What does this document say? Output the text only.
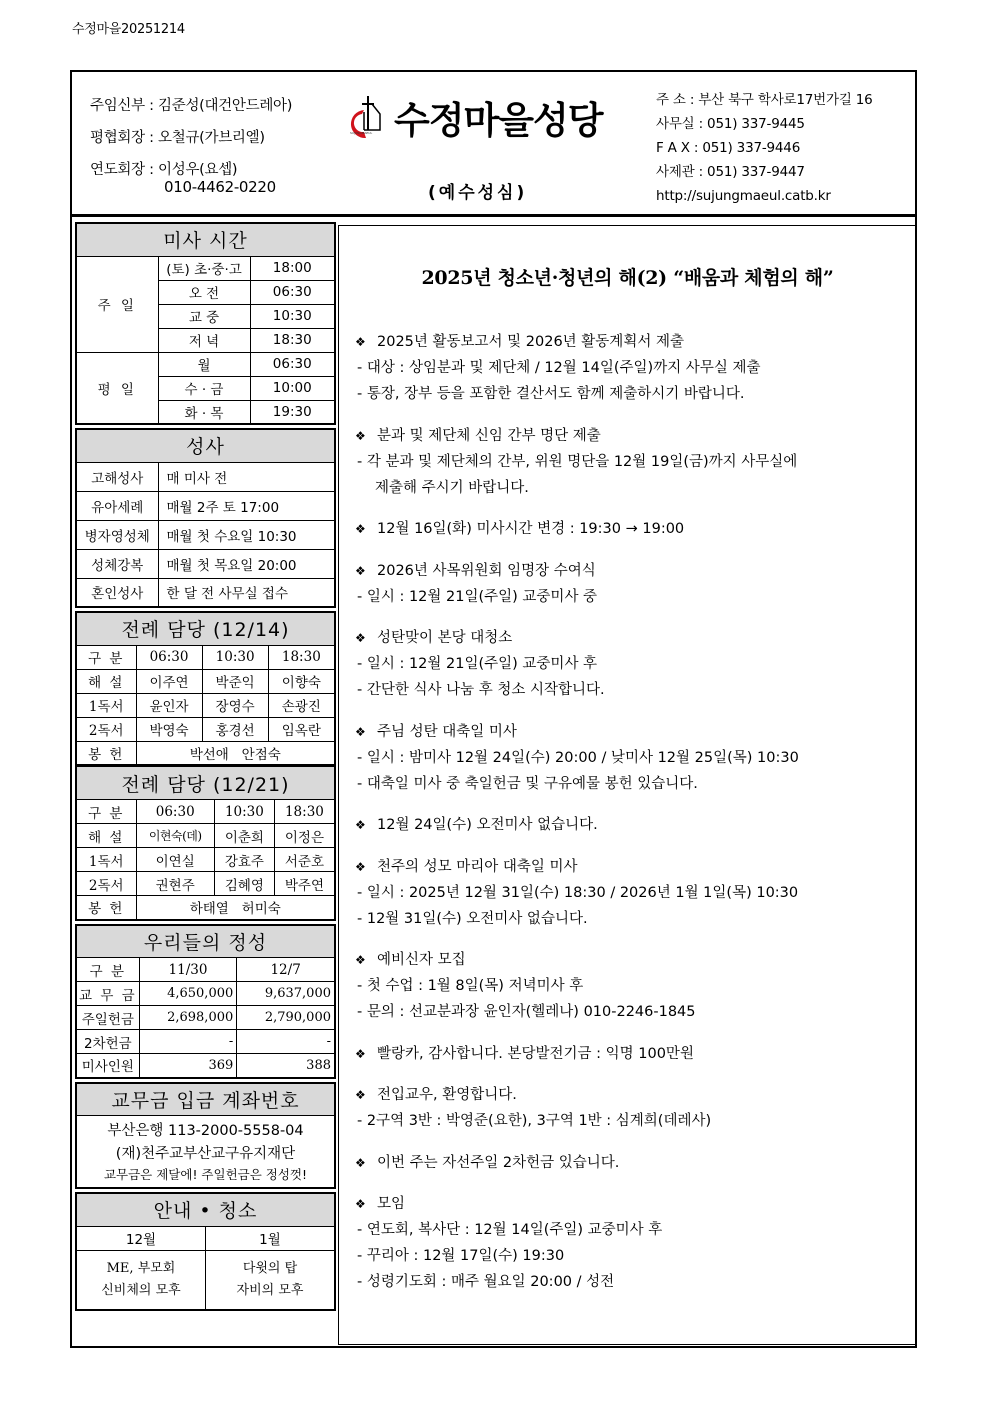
수정마을20251214
주임신부 : 김준성(대건안드레아)
평협회장 : 오철규(가브리엘)
연도회장 : 이성우(요셉)
010-4462-0220
SUJUNGMAEUL 수정마을성당
(예수성심)
주 소 : 부산 북구 학사로17번가길 16
사무실 : 051) 337-9445
F A X : 051) 337-9446
사제관 : 051) 337-9447
http://sujungmaeul.catb.kr
미사 시간		
주 일	(토) 초·중·고	18:00
	오 전	06:30
	교 중	10:30
	저 녁	18:30
평 일	월	06:30
	수 · 금	10:00
	화 · 목	19:30
성사	
고해성사	매 미사 전
유아세례	매월 2주 토 17:00
병자영성체	매월 첫 수요일 10:30
성체강복	매월 첫 목요일 20:00
혼인성사	한 달 전 사무실 접수
전례 담당 (12/14)			
구 분	06:30	10:30	18:30
해 설	이주연	박준익	이향숙
1독서	윤인자	장영수	손광진
2독서	박영숙	홍경선	임옥란
봉 헌	박선애   안점숙		
전례 담당 (12/21)			
구 분	06:30	10:30	18:30
해 설	이현숙(데)	이춘희	이정은
1독서	이연실	강효주	서준호
2독서	권현주	김혜영	박주연
봉 헌	하태열   허미숙		
우리들의 정성		
구 분	11/30	12/7
교 무 금	4,650,000	9,637,000
주일헌금	2,698,000	2,790,000
2차헌금	-	-
미사인원	369	388
교무금 입금 계좌번호
부산은행 113-2000-5558-04
(재)천주교부산교구유지재단
교무금은 제달에! 주일헌금은 정성껏!
안내 • 청소	
12월	1월

ME, 부모회
신비체의 모후

다윗의 탑
자비의 모후
2025년 청소년·청년의 해(2) “배움과 체험의 해”
❖ 2025년 활동보고서 및 2026년 활동계획서 제출
- 대상 : 상임분과 및 제단체 / 12월 14일(주일)까지 사무실 제출
- 통장, 장부 등을 포함한 결산서도 함께 제출하시기 바랍니다.
❖ 분과 및 제단체 신임 간부 명단 제출
- 각 분과 및 제단체의 간부, 위원 명단을 12월 19일(금)까지 사무실에
제출해 주시기 바랍니다.
❖ 12월 16일(화) 미사시간 변경 : 19:30 → 19:00
❖ 2026년 사목위원회 임명장 수여식
- 일시 : 12월 21일(주일) 교중미사 중
❖ 성탄맞이 본당 대청소
- 일시 : 12월 21일(주일) 교중미사 후
- 간단한 식사 나눔 후 청소 시작합니다.
❖ 주님 성탄 대축일 미사
- 일시 : 밤미사 12월 24일(수) 20:00 / 낮미사 12월 25일(목) 10:30
- 대축일 미사 중 축일헌금 및 구유예물 봉헌 있습니다.
❖ 12월 24일(수) 오전미사 없습니다.
❖ 천주의 성모 마리아 대축일 미사
- 일시 : 2025년 12월 31일(수) 18:30 / 2026년 1월 1일(목) 10:30
- 12월 31일(수) 오전미사 없습니다.
❖ 예비신자 모집
- 첫 수업 : 1월 8일(목) 저녁미사 후
- 문의 : 선교분과장 윤인자(헬레나) 010-2246-1845
❖ 빨랑카, 감사합니다. 본당발전기금 : 익명 100만원
❖ 전입교우, 환영합니다.
- 2구역 3반 : 박영준(요한), 3구역 1반 : 심계희(데레사)
❖ 이번 주는 자선주일 2차헌금 있습니다.
❖ 모임
- 연도회, 복사단 : 12월 14일(주일) 교중미사 후
- 꾸리아 : 12월 17일(수) 19:30
- 성령기도회 : 매주 월요일 20:00 / 성전
